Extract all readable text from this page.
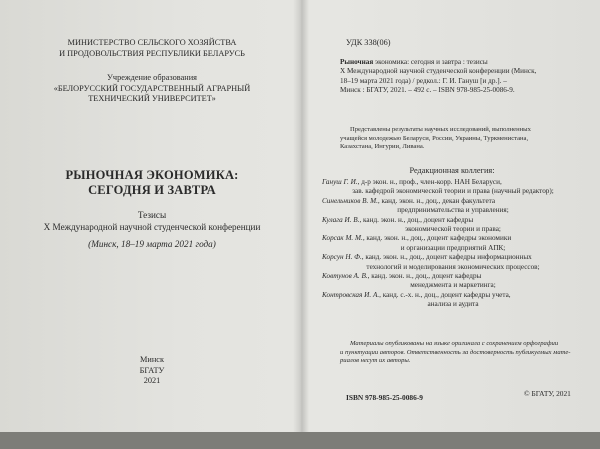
МИНИСТЕРСТВО СЕЛЬСКОГО ХОЗЯЙСТВА
И ПРОДОВОЛЬСТВИЯ РЕСПУБЛИКИ БЕЛАРУСЬ
Учреждение образования
«БЕЛОРУССКИЙ ГОСУДАРСТВЕННЫЙ АГРАРНЫЙ
ТЕХНИЧЕСКИЙ УНИВЕРСИТЕТ»
РЫНОЧНАЯ ЭКОНОМИКА:
СЕГОДНЯ И ЗАВТРА
Тезисы
X Международной научной студенческой конференции
(Минск, 18–19 марта 2021 года)
Минск
БГАТУ
2021
УДК 338(06)
Рыночная экономика: сегодня и завтра : тезисы
X Международной научной студенческой конференции (Минск,
18–19 марта 2021 года) / редкол.: Г. И. Гануш [и др.]. –
Минск : БГАТУ, 2021. – 492 с. – ISBN 978-985-25-0086-9.
Представлены результаты научных исследований, выполненных
учащейся молодежью Беларуси, России, Украины, Туркменистана,
Казахстана, Ингурии, Ливана.
Редакционная коллегия:
Гануш Г. И., д-р экон. н., проф., член-корр. НАН Беларуси,
зав. кафедрой экономической теории и права (научный редактор);
Синельников В. М., канд. экон. н., доц., декан факультета
предпринимательства и управления;
Кулага И. В., канд. экон. н., доц., доцент кафедры
экономической теории и права;
Корсак М. М., канд. экон. н., доц., доцент кафедры экономики
и организации предприятий АПК;
Корсун Н. Ф., канд. экон. н., доц., доцент кафедры информационных
технологий и моделирования экономических процессов;
Ковтунов А. В., канд. экон. н., доц., доцент кафедры
менеджмента и маркетинга;
Контровская И. А., канд. с.-х. н., доц., доцент кафедры учета,
анализа и аудита
Материалы опубликованы на языке оригинала с сохранением орфографии
и пунктуации авторов. Ответственность за достоверность публикуемых мате-
риалов несут их авторы.
ISBN 978-985-25-0086-9	© БГАТУ, 2021
